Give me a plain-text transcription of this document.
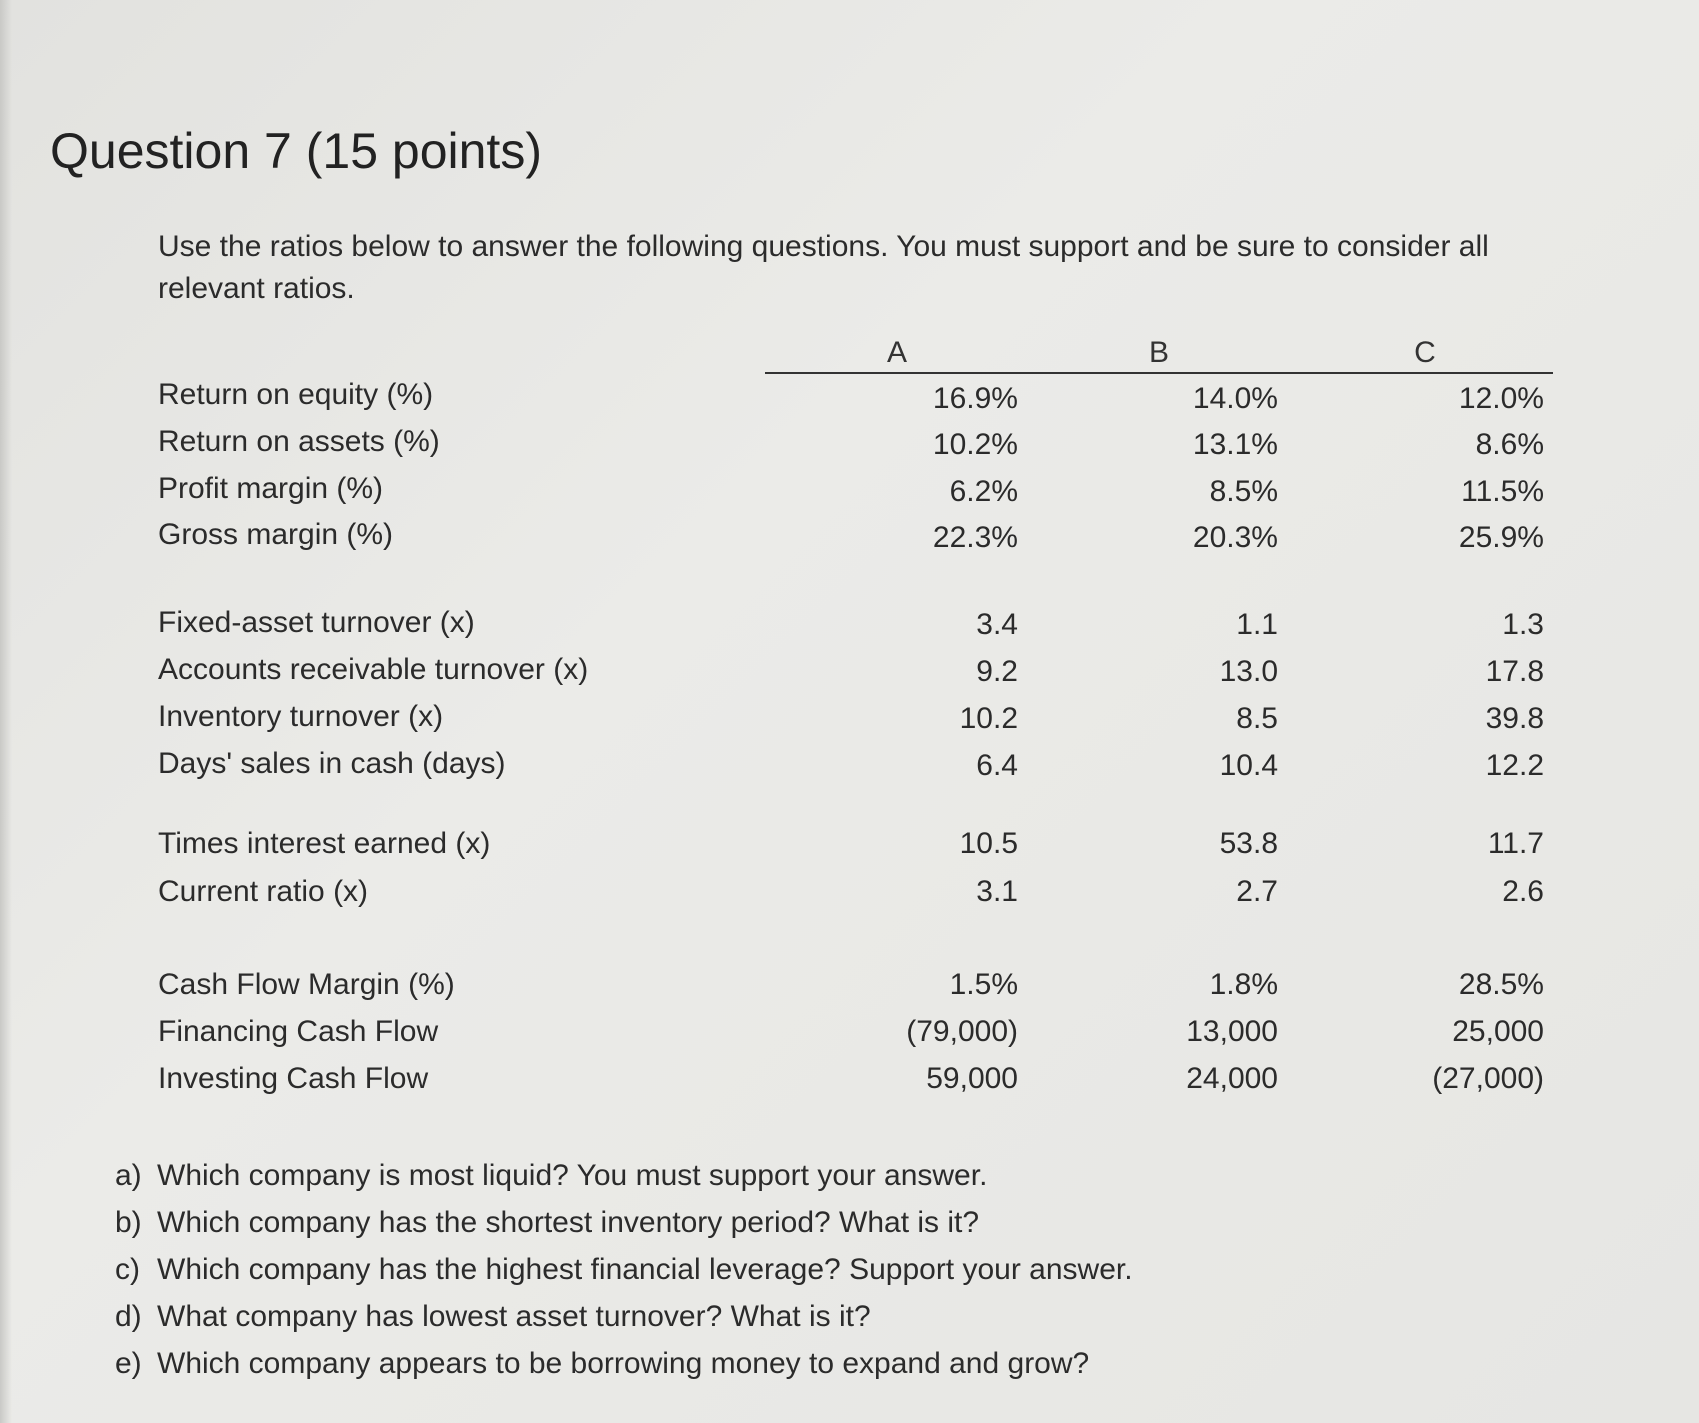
Question 7 (15 points)
Use the ratios below to answer the following questions. You must support and be sure to consider all relevant ratios.
A	B	C
Return on equity (%)	16.9%	14.0%	12.0%
Return on assets (%)	10.2%	13.1%	8.6%
Profit margin (%)	6.2%	8.5%	11.5%
Gross margin (%)	22.3%	20.3%	25.9%
Fixed-asset turnover (x)	3.4	1.1	1.3
Accounts receivable turnover (x)	9.2	13.0	17.8
Inventory turnover (x)	10.2	8.5	39.8
Days' sales in cash (days)	6.4	10.4	12.2
Times interest earned (x)	10.5	53.8	11.7
Current ratio (x)	3.1	2.7	2.6
Cash Flow Margin (%)	1.5%	1.8%	28.5%
Financing Cash Flow	(79,000)	13,000	25,000
Investing Cash Flow	59,000	24,000	(27,000)
a) Which company is most liquid? You must support your answer.
b) Which company has the shortest inventory period? What is it?
c) Which company has the highest financial leverage? Support your answer.
d) What company has lowest asset turnover? What is it?
e) Which company appears to be borrowing money to expand and grow?
